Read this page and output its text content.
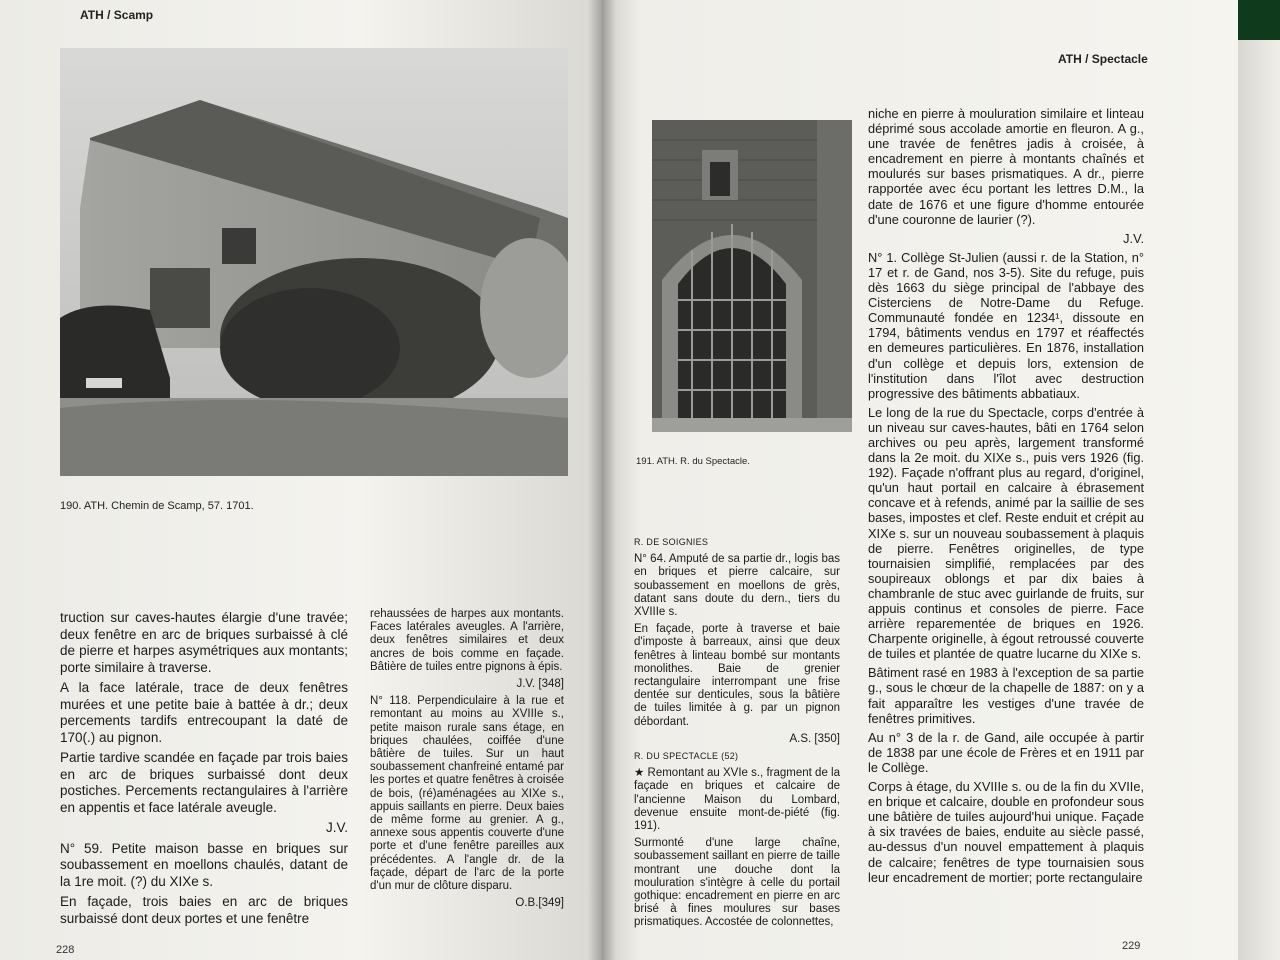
ATH / Scamp
190. ATH. Chemin de Scamp, 57. 1701.

truction sur caves-hautes élargie d'une travée; deux fenêtre en arc de briques surbaissé à clé de pierre et harpes asymétriques aux montants; porte similaire à traverse.

A la face latérale, trace de deux fenêtres murées et une petite baie à battée à dr.; deux percements tardifs entrecoupant la daté de 170(.) au pignon.

Partie tardive scandée en façade par trois baies en arc de briques surbaissé dont deux postiches. Percements rectangulaires à l'arrière en appentis et face latérale aveugle.

J.V.

N° 59. Petite maison basse en briques sur soubassement en moellons chaulés, datant de la 1re moit. (?) du XIXe s.

En façade, trois baies en arc de briques surbaissé dont deux portes et une fenêtre

rehaussées de harpes aux montants. Faces latérales aveugles. A l'arrière, deux fenêtres similaires et deux ancres de bois comme en façade. Bâtière de tuiles entre pignons à épis.

J.V. [348]

N° 118. Perpendiculaire à la rue et remontant au moins au XVIIIe s., petite maison rurale sans étage, en briques chaulées, coiffée d'une bâtière de tuiles. Sur un haut soubassement chanfreiné entamé par les portes et quatre fenêtres à croisée de bois, (ré)aménagées au XIXe s., appuis saillants en pierre. Deux baies de même forme au grenier. A g., annexe sous appentis couverte d'une porte et d'une fenêtre pareilles aux précédentes. A l'angle dr. de la façade, départ de l'arc de la porte d'un mur de clôture disparu.

O.B.[349]

228
ATH / Spectacle
191. ATH. R. du Spectacle.

R. DE SOIGNIES

N° 64. Amputé de sa partie dr., logis bas en briques et pierre calcaire, sur soubassement en moellons de grès, datant sans doute du dern., tiers du XVIIIe s.

En façade, porte à traverse et baie d'imposte à barreaux, ainsi que deux fenêtres à linteau bombé sur montants monolithes. Baie de grenier rectangulaire interrompant une frise dentée sur denticules, sous la bâtière de tuiles limitée à g. par un pignon débordant.

A.S. [350]

R. DU SPECTACLE (52)

★ Remontant au XVIe s., fragment de la façade en briques et calcaire de l'ancienne Maison du Lombard, devenue ensuite mont-de-piété (fig. 191).

Surmonté d'une large chaîne, soubassement saillant en pierre de taille montrant une douche dont la mouluration s'intègre à celle du portail gothique: encadrement en pierre en arc brisé à fines moulures sur bases prismatiques. Accostée de colonnettes,

niche en pierre à mouluration similaire et linteau déprimé sous accolade amortie en fleuron. A g., une travée de fenêtres jadis à croisée, à encadrement en pierre à montants chaînés et moulurés sur bases prismatiques. A dr., pierre rapportée avec écu portant les lettres D.M., la date de 1676 et une figure d'homme entourée d'une couronne de laurier (?).

J.V.

N° 1. Collège St-Julien (aussi r. de la Station, n° 17 et r. de Gand, nos 3-5). Site du refuge, puis dès 1663 du siège principal de l'abbaye des Cisterciens de Notre-Dame du Refuge. Communauté fondée en 1234¹, dissoute en 1794, bâtiments vendus en 1797 et réaffectés en demeures particulières. En 1876, installation d'un collège et depuis lors, extension de l'institution dans l'îlot avec destruction progressive des bâtiments abbatiaux.

Le long de la rue du Spectacle, corps d'entrée à un niveau sur caves-hautes, bâti en 1764 selon archives ou peu après, largement transformé dans la 2e moit. du XIXe s., puis vers 1926 (fig. 192). Façade n'offrant plus au regard, d'originel, qu'un haut portail en calcaire à ébrasement concave et à refends, animé par la saillie de ses bases, impostes et clef. Reste enduit et crépit au XIXe s. sur un nouveau soubassement à plaquis de pierre. Fenêtres originelles, de type tournaisien simplifié, remplacées par des soupireaux oblongs et par dix baies à chambranle de stuc avec guirlande de fruits, sur appuis continus et consoles de pierre. Face arrière reparementée de briques en 1926. Charpente originelle, à égout retroussé couverte de tuiles et plantée de quatre lucarne du XIXe s.

Bâtiment rasé en 1983 à l'exception de sa partie g., sous le chœur de la chapelle de 1887: on y a fait apparaître les vestiges d'une travée de fenêtres primitives.

Au n° 3 de la r. de Gand, aile occupée à partir de 1838 par une école de Frères et en 1911 par le Collège.

Corps à étage, du XVIIIe s. ou de la fin du XVIIe, en brique et calcaire, double en profondeur sous une bâtière de tuiles aujourd'hui unique. Façade à six travées de baies, enduite au siècle passé, au-dessus d'un nouvel empattement à plaquis de calcaire; fenêtres de type tournaisien sous leur encadrement de mortier; porte rectangulaire

229
